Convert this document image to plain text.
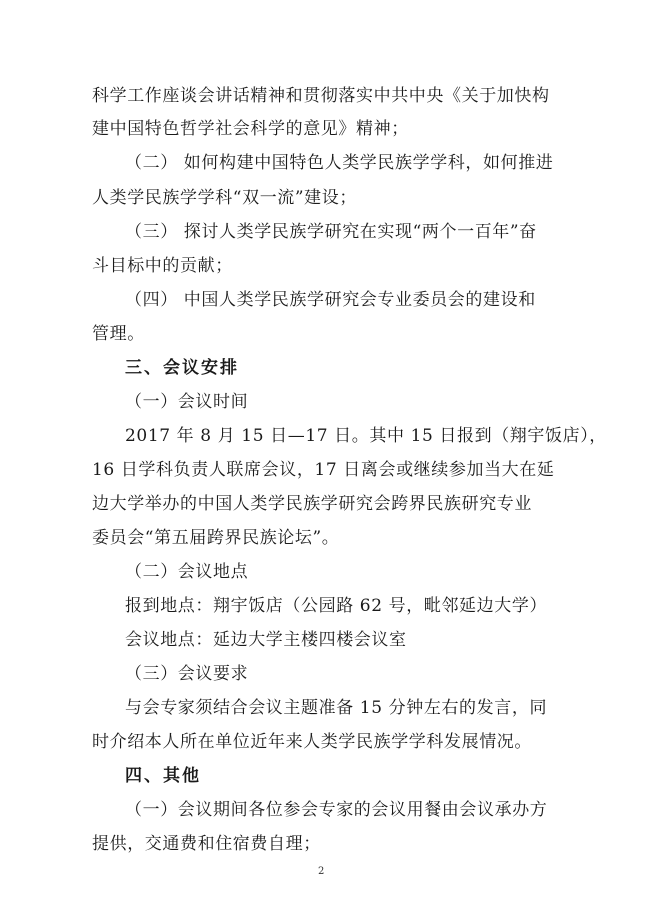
科学工作座谈会讲话精神和贯彻落实中共中央《关于加快构
建中国特色哲学社会科学的意见》精神；
（二） 如何构建中国特色人类学民族学学科，如何推进
人类学民族学学科“双一流”建设；
（三） 探讨人类学民族学研究在实现“两个一百年”奋
斗目标中的贡献；
（四） 中国人类学民族学研究会专业委员会的建设和
管理。
三、会议安排
（一）会议时间
2017 年 8 月 15 日—17 日。其中 15 日报到（翔宇饭店），
16 日学科负责人联席会议，17 日离会或继续参加当大在延
边大学举办的中国人类学民族学研究会跨界民族研究专业
委员会“第五届跨界民族论坛”。
（二）会议地点
报到地点：翔宇饭店（公园路 62 号，毗邻延边大学）
会议地点：延边大学主楼四楼会议室
（三）会议要求
与会专家须结合会议主题准备 15 分钟左右的发言，同
时介绍本人所在单位近年来人类学民族学学科发展情况。
四、其他
（一）会议期间各位参会专家的会议用餐由会议承办方
提供，交通费和住宿费自理；
2
